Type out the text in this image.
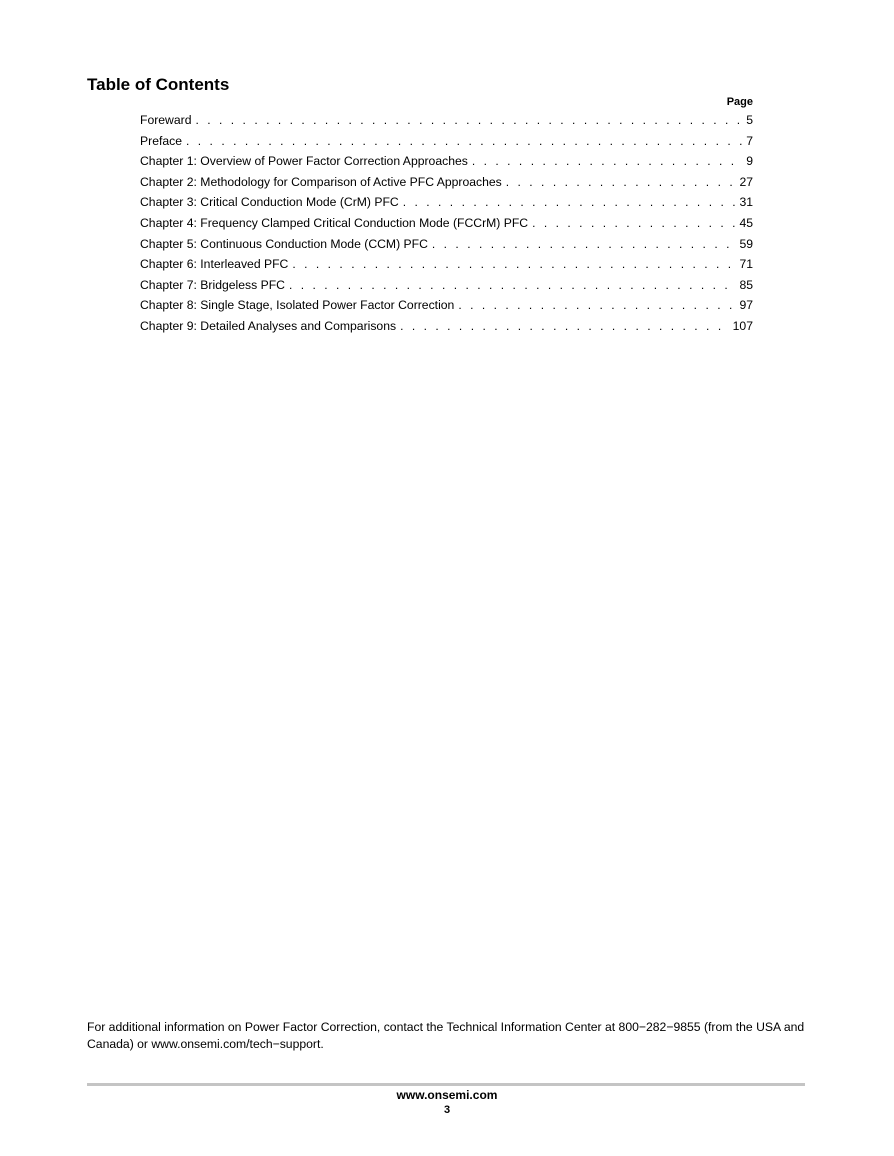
Table of Contents
Page
Foreward . . .	5
Preface . . .	7
Chapter 1: Overview of Power Factor Correction Approaches . . .	9
Chapter 2: Methodology for Comparison of Active PFC Approaches . . .	27
Chapter 3: Critical Conduction Mode (CrM) PFC . . .	31
Chapter 4: Frequency Clamped Critical Conduction Mode (FCCrM) PFC . . .	45
Chapter 5: Continuous Conduction Mode (CCM) PFC . . .	59
Chapter 6: Interleaved PFC . . .	71
Chapter 7: Bridgeless PFC . . .	85
Chapter 8: Single Stage, Isolated Power Factor Correction . . .	97
Chapter 9: Detailed Analyses and Comparisons . . .	107

For additional information on Power Factor Correction, contact the Technical Information Center at 800−282−9855 (from the USA and Canada) or www.onsemi.com/tech−support.

www.onsemi.com
3
